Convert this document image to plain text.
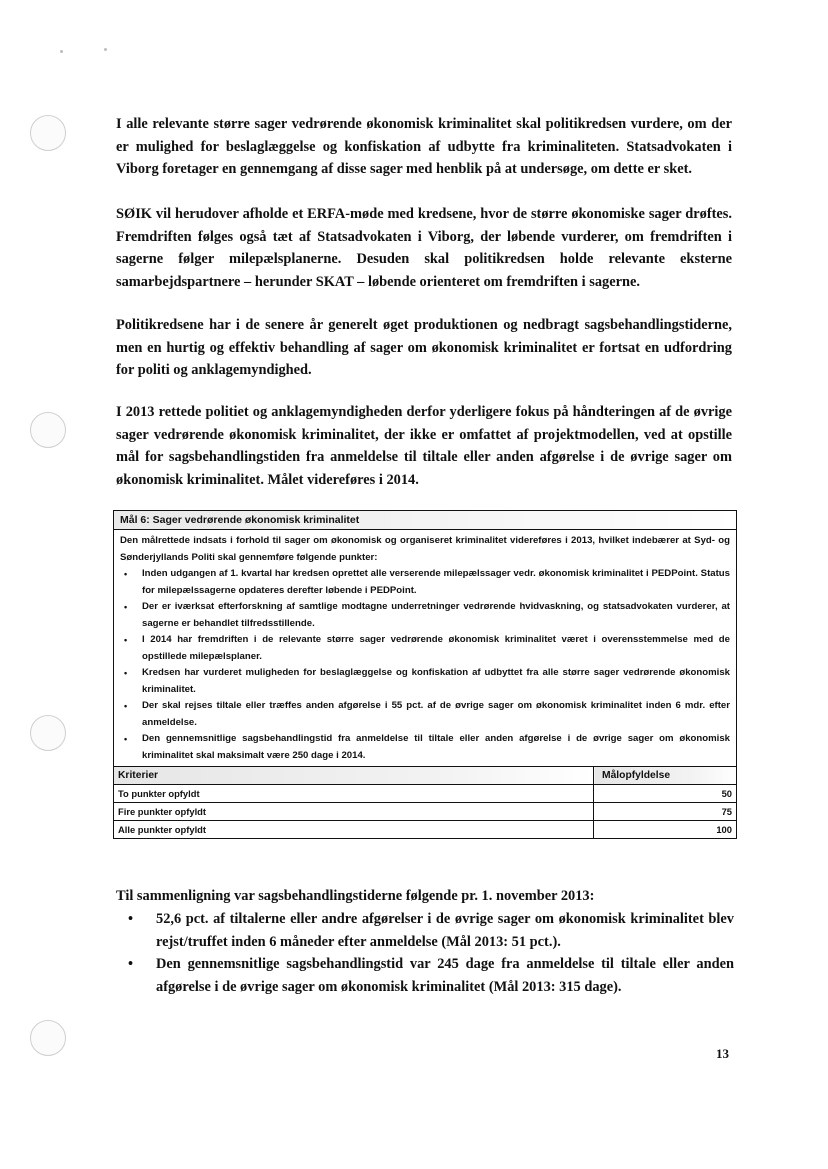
I alle relevante større sager vedrørende økonomisk kriminalitet skal politikredsen vurdere, om der er mulighed for beslaglæggelse og konfiskation af udbytte fra kriminaliteten. Statsadvokaten i Viborg foretager en gennemgang af disse sager med henblik på at undersøge, om dette er sket.

SØIK vil herudover afholde et ERFA-møde med kredsene, hvor de større økonomiske sager drøftes. Fremdriften følges også tæt af Statsadvokaten i Viborg, der løbende vurderer, om fremdriften i sagerne følger milepælsplanerne. Desuden skal politikredsen holde relevante eksterne samarbejdspartnere – herunder SKAT – løbende orienteret om fremdriften i sagerne.

Politikredsene har i de senere år generelt øget produktionen og nedbragt sagsbehandlingstiderne, men en hurtig og effektiv behandling af sager om økonomisk kriminalitet er fortsat en udfordring for politi og anklagemyndighed.

I 2013 rettede politiet og anklagemyndigheden derfor yderligere fokus på håndteringen af de øvrige sager vedrørende økonomisk kriminalitet, der ikke er omfattet af projektmodellen, ved at opstille mål for sagsbehandlingstiden fra anmeldelse til tiltale eller anden afgørelse i de øvrige sager om økonomisk kriminalitet. Målet videreføres i 2014.

Mål 6: Sager vedrørende økonomisk kriminalitet
Den målrettede indsats i forhold til sager om økonomisk og organiseret kriminalitet videreføres i 2013, hvilket indebærer at Syd- og Sønderjyllands Politi skal gennemføre følgende punkter:
• Inden udgangen af 1. kvartal har kredsen oprettet alle verserende milepælssager vedr. økonomisk kriminalitet i PEDPoint. Status for milepælssagerne opdateres derefter løbende i PEDPoint.
• Der er iværksat efterforskning af samtlige modtagne underretninger vedrørende hvidvaskning, og statsadvokaten vurderer, at sagerne er behandlet tilfredsstillende.
• I 2014 har fremdriften i de relevante større sager vedrørende økonomisk kriminalitet været i overensstemmelse med de opstillede milepælsplaner.
• Kredsen har vurderet muligheden for beslaglæggelse og konfiskation af udbyttet fra alle større sager vedrørende økonomisk kriminalitet.
• Der skal rejses tiltale eller træffes anden afgørelse i 55 pct. af de øvrige sager om økonomisk kriminalitet inden 6 mdr. efter anmeldelse.
• Den gennemsnitlige sagsbehandlingstid fra anmeldelse til tiltale eller anden afgørelse i de øvrige sager om økonomisk kriminalitet skal maksimalt være 250 dage i 2014.
Kriterier	Målopfyldelse
To punkter opfyldt	50
Fire punkter opfyldt	75
Alle punkter opfyldt	100

Til sammenligning var sagsbehandlingstiderne følgende pr. 1. november 2013:

• 52,6 pct. af tiltalerne eller andre afgørelser i de øvrige sager om økonomisk kriminalitet blev rejst/truffet inden 6 måneder efter anmeldelse (Mål 2013: 51 pct.).
• Den gennemsnitlige sagsbehandlingstid var 245 dage fra anmeldelse til tiltale eller anden afgørelse i de øvrige sager om økonomisk kriminalitet (Mål 2013: 315 dage).
13
